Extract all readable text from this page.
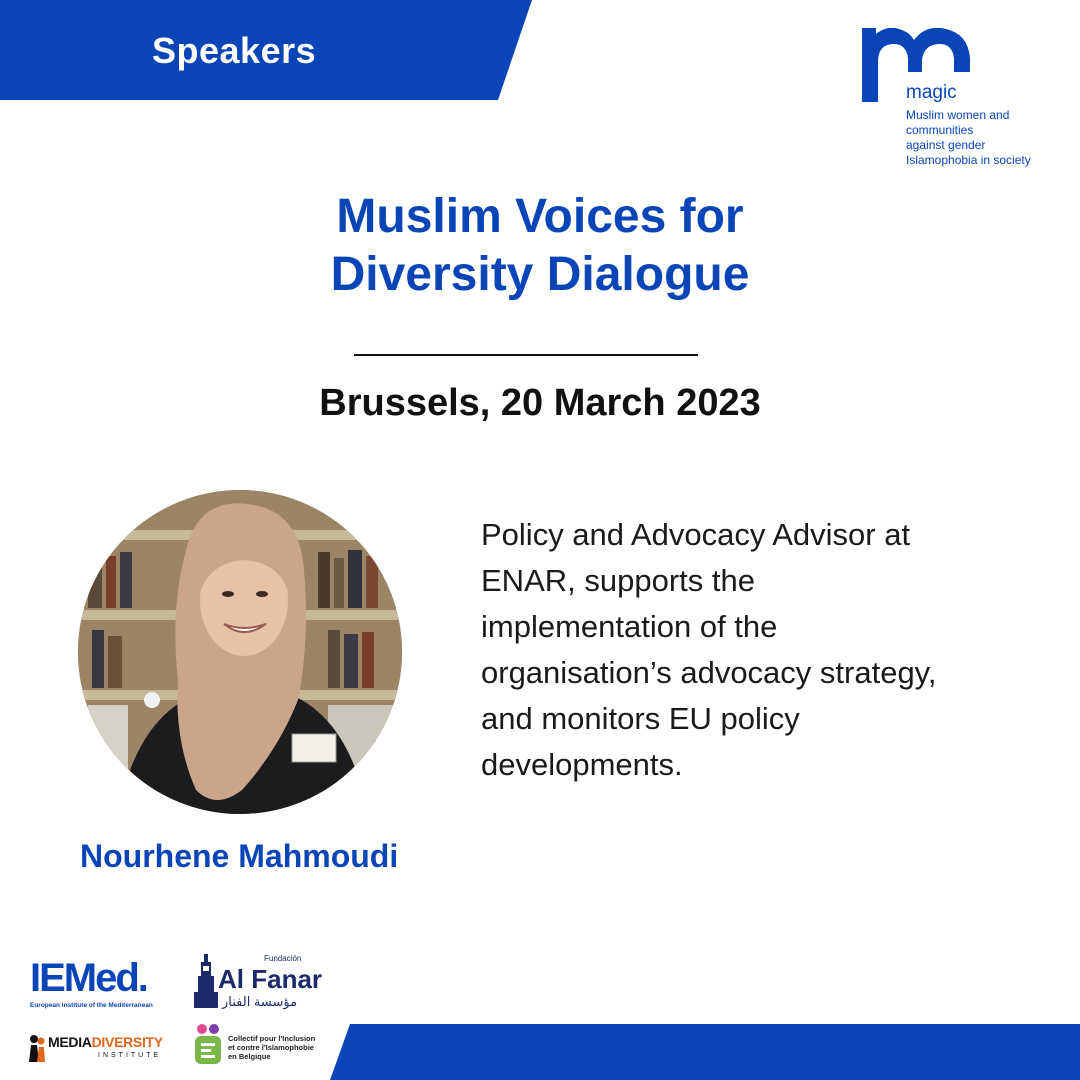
Speakers
magic
Muslim women and
communities
against gender
Islamophobia in society
Muslim Voices for
Diversity Dialogue
Brussels, 20 March 2023
Policy and Advocacy Advisor at
ENAR, supports the
implementation of the
organisation’s advocacy strategy,
and monitors EU policy
developments.
Nourhene Mahmoudi
IEMed.
European Institute of the Mediterranean
Fundación
Al Fanar
مؤسسة الفنار
MEDIADIVERSITY
INSTITUTE
Collectif pour l'Inclusion
et contre l'Islamophobie
en Belgique
